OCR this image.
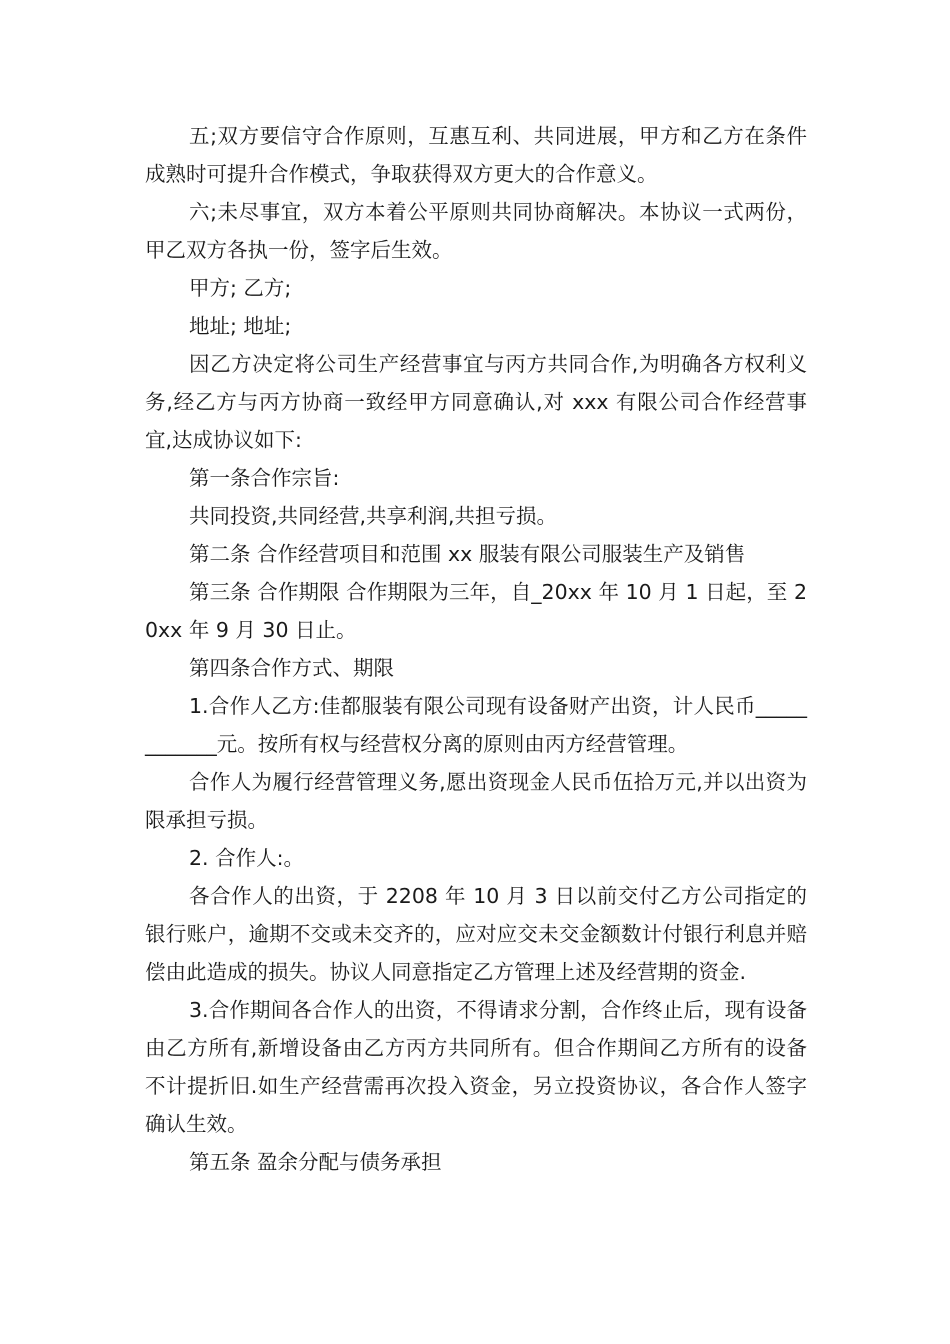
五;双方要信守合作原则，互惠互利、共同进展，甲方和乙方在条件成熟时可提升合作模式，争取获得双方更大的合作意义。

六;未尽事宜，双方本着公平原则共同协商解决。本协议一式两份，甲乙双方各执一份，签字后生效。

甲方; 乙方;

地址; 地址;

因乙方决定将公司生产经营事宜与丙方共同合作,为明确各方权利义务,经乙方与丙方协商一致经甲方同意确认,对 xxx 有限公司合作经营事宜,达成协议如下:

第一条合作宗旨:

共同投资,共同经营,共享利润,共担亏损。

第二条 合作经营项目和范围 xx 服装有限公司服装生产及销售

第三条 合作期限 合作期限为三年，自_20xx 年 10 月 1 日起，至 20xx 年 9 月 30 日止。

第四条合作方式、期限

1.合作人乙方:佳都服装有限公司现有设备财产出资，计人民币____________元。按所有权与经营权分离的原则由丙方经营管理。

合作人为履行经营管理义务,愿出资现金人民币伍拾万元,并以出资为限承担亏损。

2. 合作人:。

各合作人的出资，于 2208 年 10 月 3 日以前交付乙方公司指定的银行账户，逾期不交或未交齐的，应对应交未交金额数计付银行利息并赔偿由此造成的损失。协议人同意指定乙方管理上述及经营期的资金.

3.合作期间各合作人的出资，不得请求分割，合作终止后，现有设备由乙方所有,新增设备由乙方丙方共同所有。但合作期间乙方所有的设备不计提折旧.如生产经营需再次投入资金，另立投资协议，各合作人签字确认生效。

第五条 盈余分配与债务承担
